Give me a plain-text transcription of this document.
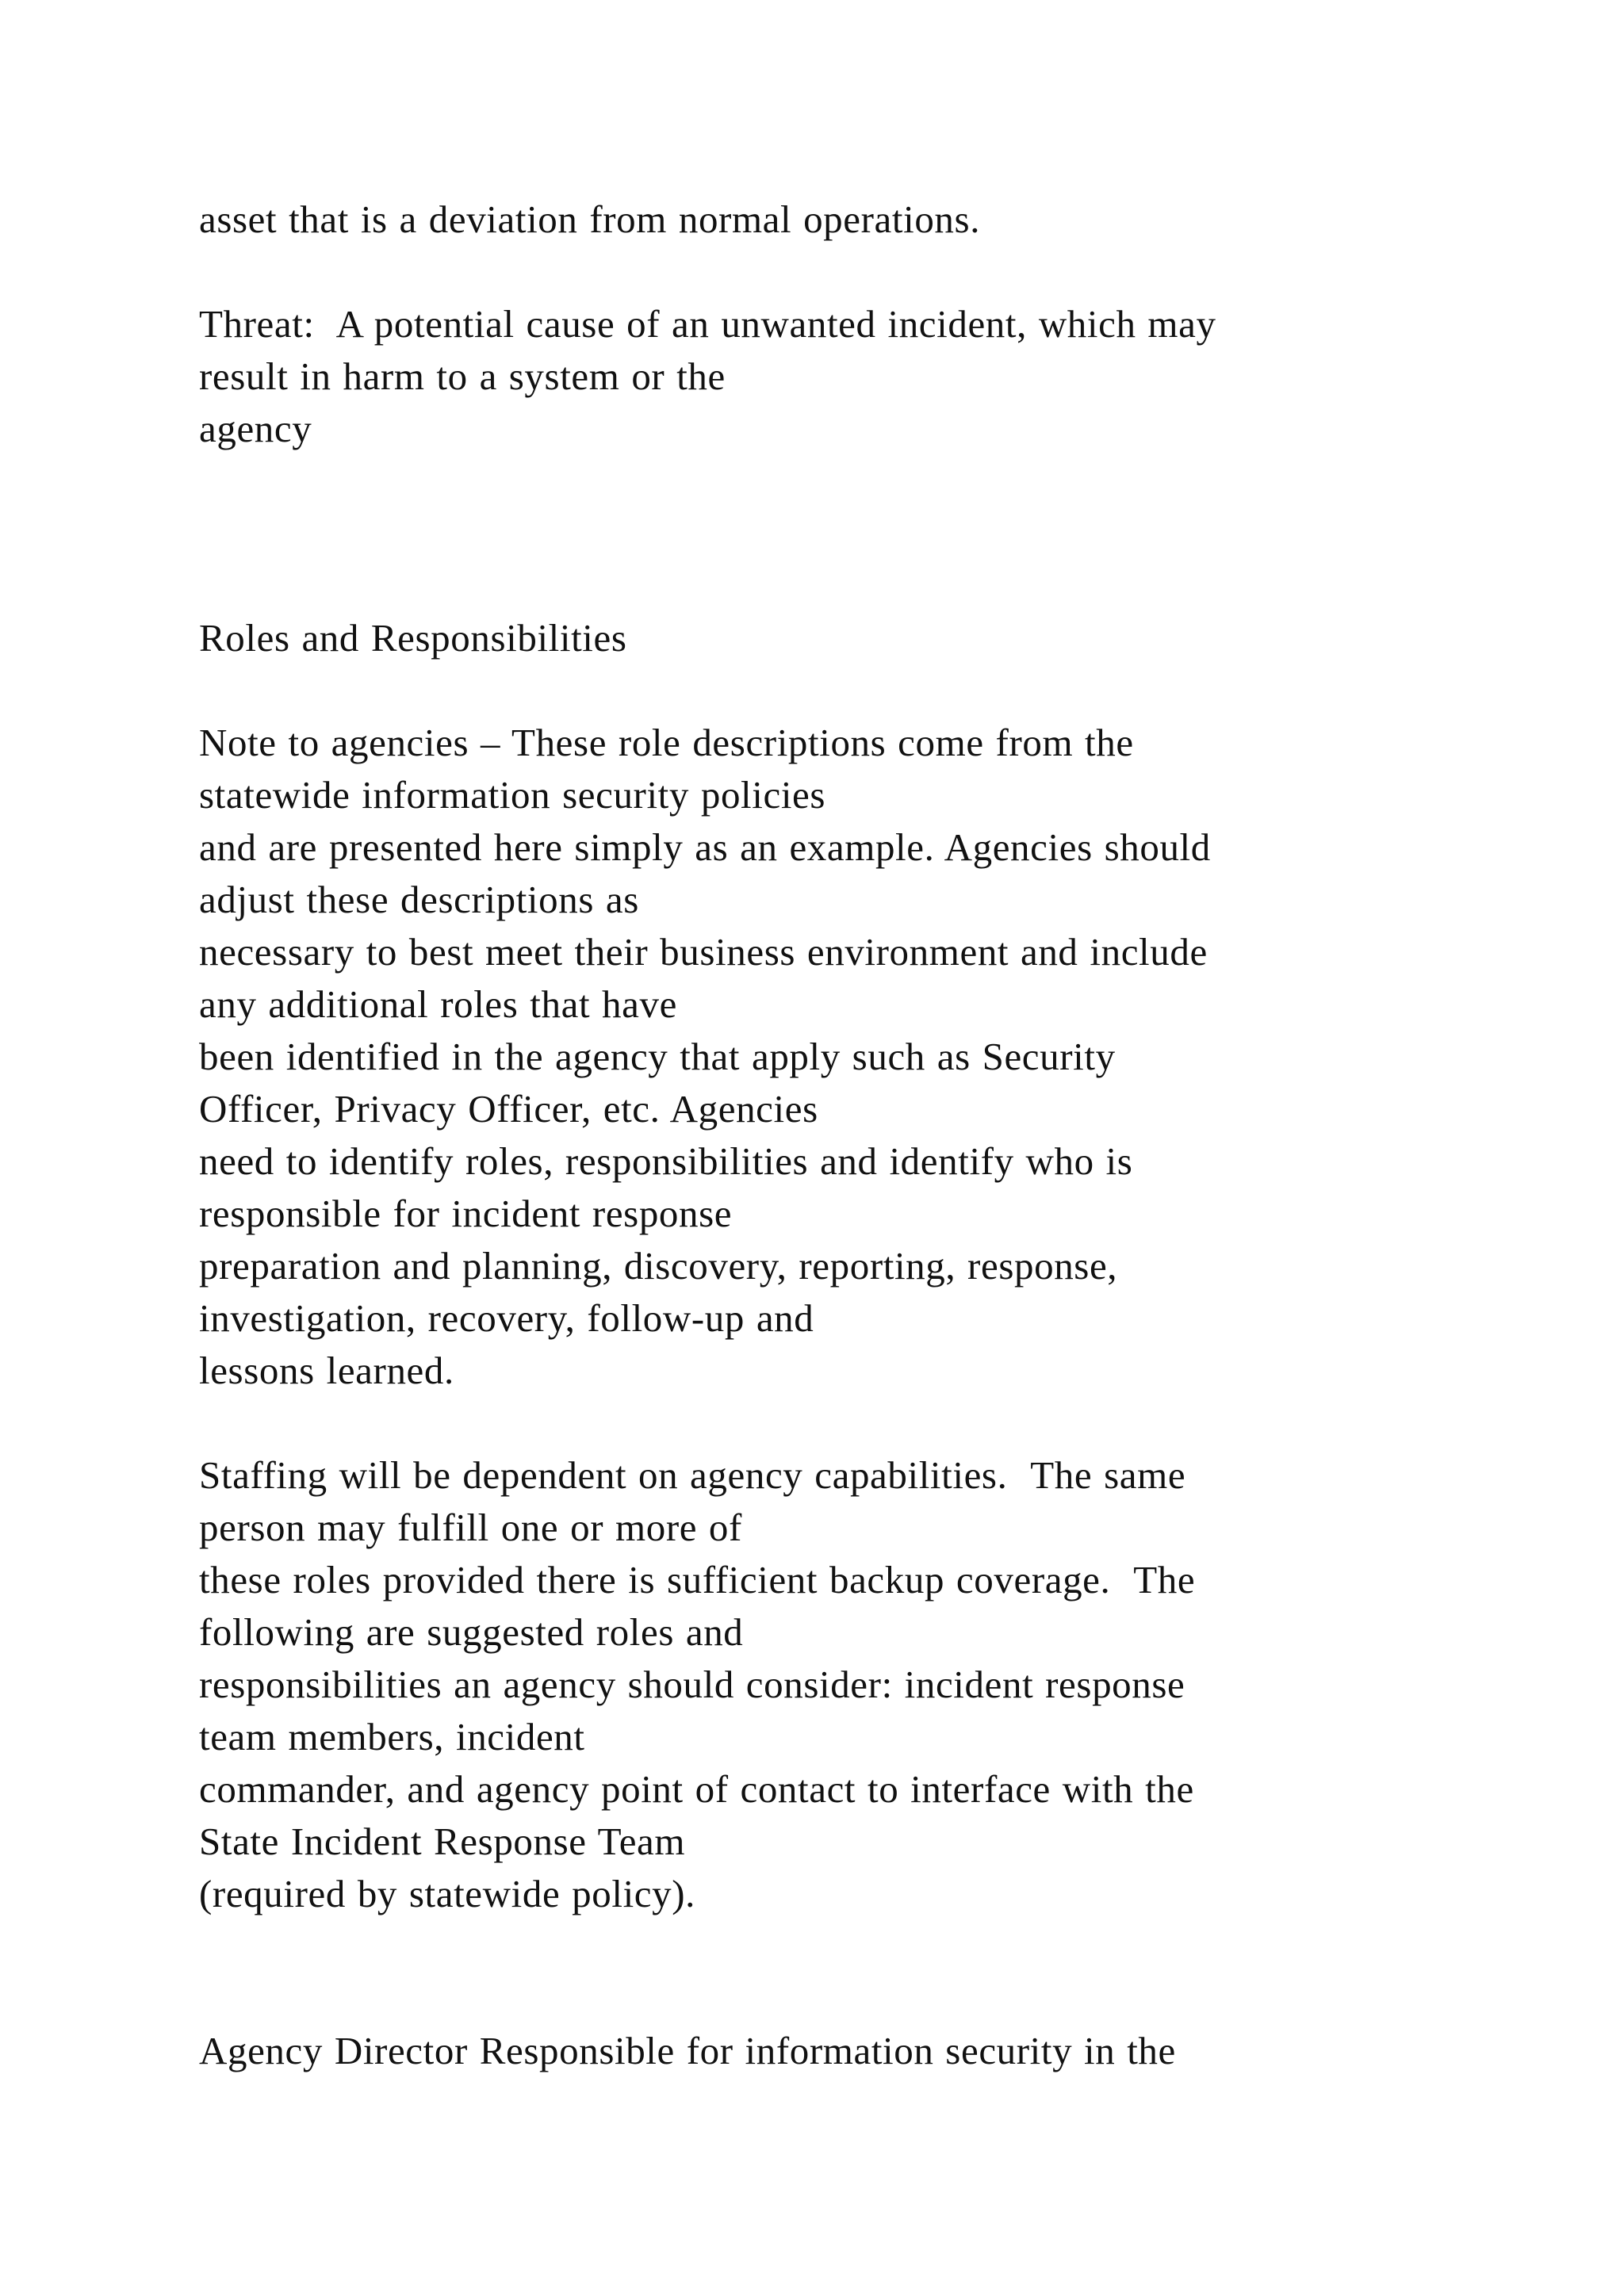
asset that is a deviation from normal operations.
Threat:  A potential cause of an unwanted incident, which may
result in harm to a system or the
agency
Roles and Responsibilities
Note to agencies – These role descriptions come from the
statewide information security policies
and are presented here simply as an example. Agencies should
adjust these descriptions as
necessary to best meet their business environment and include
any additional roles that have
been identified in the agency that apply such as Security
Officer, Privacy Officer, etc. Agencies
need to identify roles, responsibilities and identify who is
responsible for incident response
preparation and planning, discovery, reporting, response,
investigation, recovery, follow-up and
lessons learned.
Staffing will be dependent on agency capabilities.  The same
person may fulfill one or more of
these roles provided there is sufficient backup coverage.  The
following are suggested roles and
responsibilities an agency should consider: incident response
team members, incident
commander, and agency point of contact to interface with the
State Incident Response Team
(required by statewide policy).
Agency Director Responsible for information security in the
